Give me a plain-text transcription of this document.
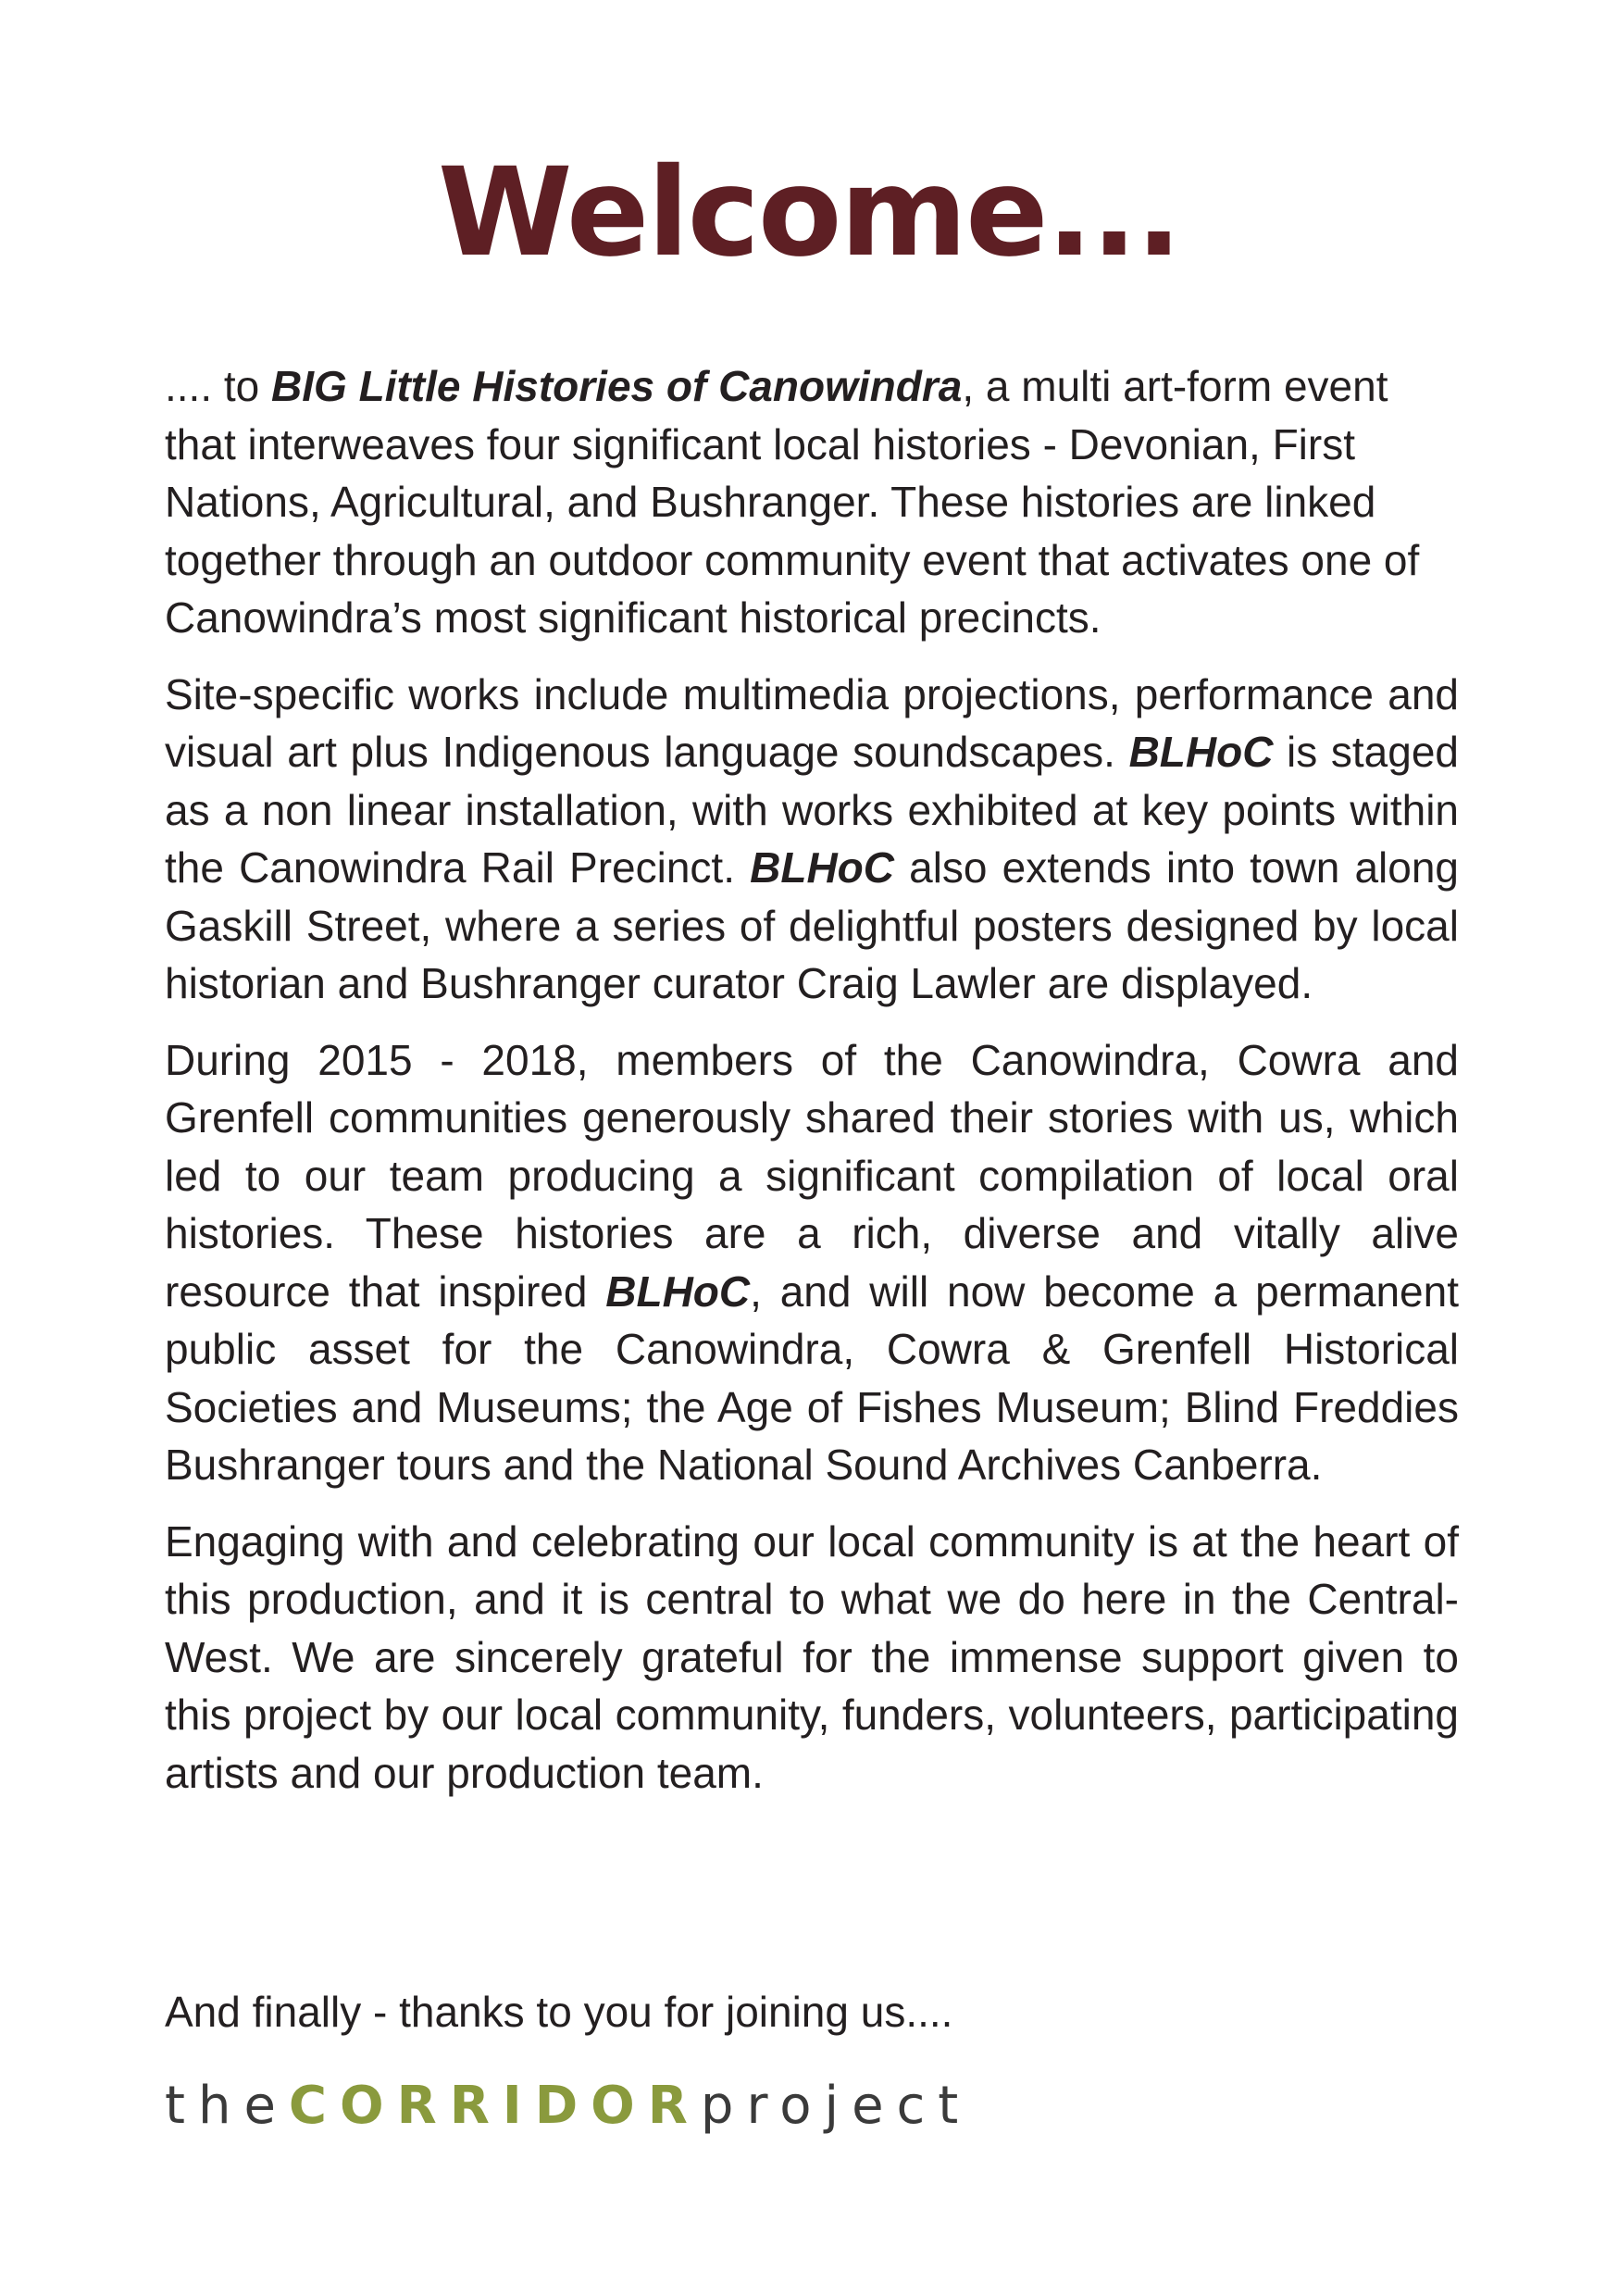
Welcome...

.... to BIG Little Histories of Canowindra, a multi art-form event that interweaves four significant local histories - Devonian, First Nations, Agricultural, and Bushranger. These histories are linked together through an outdoor community event that activates one of Canowindra’s most significant historical precincts.

Site-specific works include multimedia projections, performance and visual art plus Indigenous language soundscapes. BLHoC is staged as a non linear installation, with works exhibited at key points within the Canowindra Rail Precinct. BLHoC also extends into town along Gaskill Street, where a series of delightful posters designed by local historian and Bushranger curator Craig Lawler are displayed.

During 2015 - 2018, members of the Canowindra, Cowra and Grenfell communities generously shared their stories with us, which led to our team producing a significant compilation of local oral histories. These histories are a rich, diverse and vitally alive resource that inspired BLHoC, and will now become a permanent public asset for the Canowindra, Cowra & Grenfell Historical Societies and Museums; the Age of Fishes Museum; Blind Freddies Bushranger tours and the National Sound Archives Canberra.

Engaging with and celebrating our local community is at the heart of this production, and it is central to what we do here in the Central-West. We are sincerely grateful for the immense support given to this project by our local community, funders, volunteers, participating artists and our production team.

And finally - thanks to you for joining us....

theCORRIDORproject
